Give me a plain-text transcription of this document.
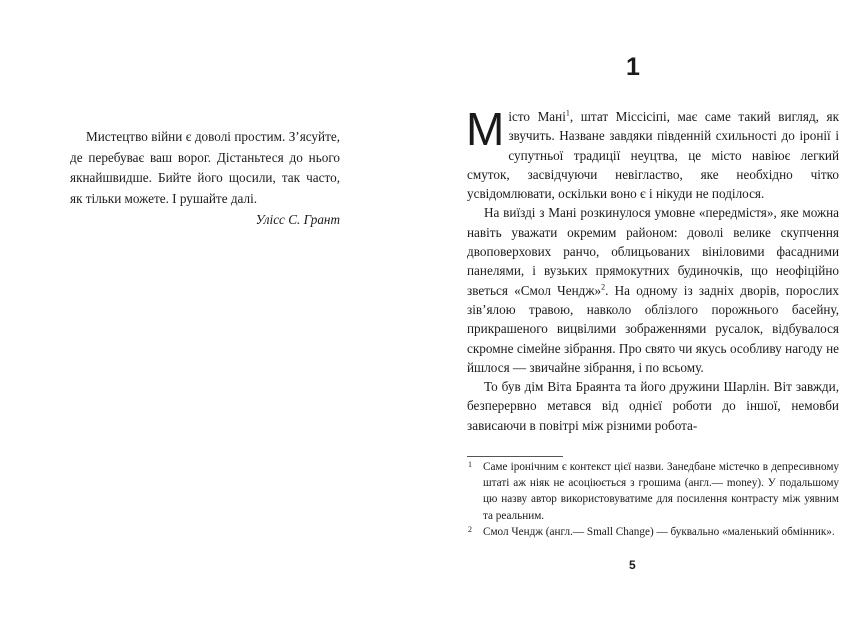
Мистецтво війни є доволі простим. З’ясуйте, де перебуває ваш ворог. Дістаньтеся до нього якнайшвидше. Бийте його щосили, так часто, як тільки можете. І рушайте далі.

Уліcс С. Грант
1

Місто Мані$^1$, штат Міссісіпі, має саме такий вигляд, як звучить. Назване завдяки південній схильності до іронії і супутньої традиції неуцтва, це місто навіює легкий смуток, засвідчуючи невігластво, яке необхідно чітко усвідомлювати, оскільки воно є і нікуди не поділося.

На виїзді з Мані розкинулося умовне «передмістя», яке можна навіть уважати окремим районом: доволі велике скупчення двоповерхових ранчо, облицьованих вініловими фасадними панелями, і вузьких прямокутних будиночків, що неофіційно зветься «Смол Чендж»$^2$. На одному із задніх дворів, порослих зів’ялою травою, навколо облізлого порожнього басейну, прикрашеного вицвілими зображеннями русалок, відбувалося скромне сімейне зібрання. Про свято чи якусь особливу нагоду не йшлося — звичайне зібрання, і по всьому.

То був дім Віта Браянта та його дружини Шарлін. Віт завжди, безперервно метався від однієї роботи до іншої, немовби зависаючи в повітрі між різними робота-

1 Саме іронічним є контекст цієї назви. Занедбане містечко в депресивному штаті аж ніяк не асоціюється з грошима (англ.— money). У подальшому цю назву автор використовуватиме для посилення контрасту між уявним та реальним.
2 Смол Чендж (англ.— Small Change) — буквально «маленький обмінник».
5
